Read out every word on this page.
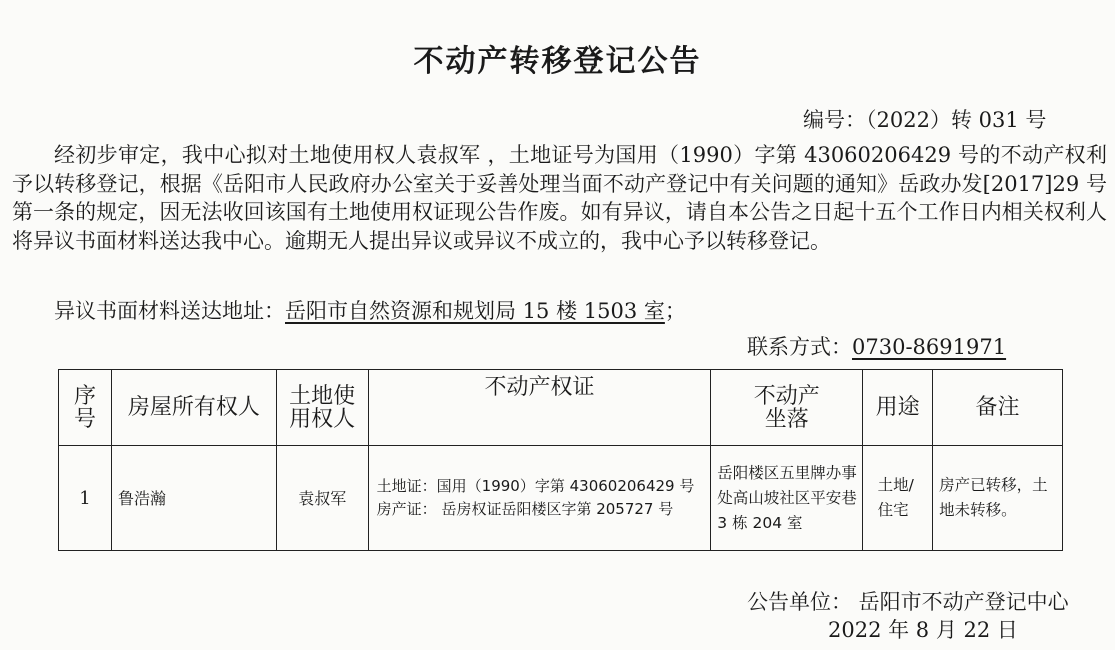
不动产转移登记公告
编号：（2022）转 031 号

经初步审定，我中心拟对土地使用权人袁叔军 ，土地证号为国用（1990）字第 43060206429 号的不动产权利予以转移登记，根据《岳阳市人民政府办公室关于妥善处理当面不动产登记中有关问题的通知》岳政办发[2017]29 号第一条的规定，因无法收回该国有土地使用权证现公告作废。如有异议，请自本公告之日起十五个工作日内相关权利人将异议书面材料送达我中心。逾期无人提出异议或异议不成立的，我中心予以转移登记。

异议书面材料送达地址：岳阳市自然资源和规划局 15 楼 1503 室；
联系方式：0730-8691971
序号	房屋所有权人	土地使用权人	不动产权证	不动产坐落	用途	备注
1	鲁浩瀚	袁叔军	土地证：国用（1990）字第 43060206429 号
房产证： 岳房权证岳阳楼区字第 205727 号	岳阳楼区五里牌办事处高山坡社区平安巷 3 栋 204 室	土地/住宅	房产已转移，土地未转移。
公告单位： 岳阳市不动产登记中心
2022 年 8 月 22 日
